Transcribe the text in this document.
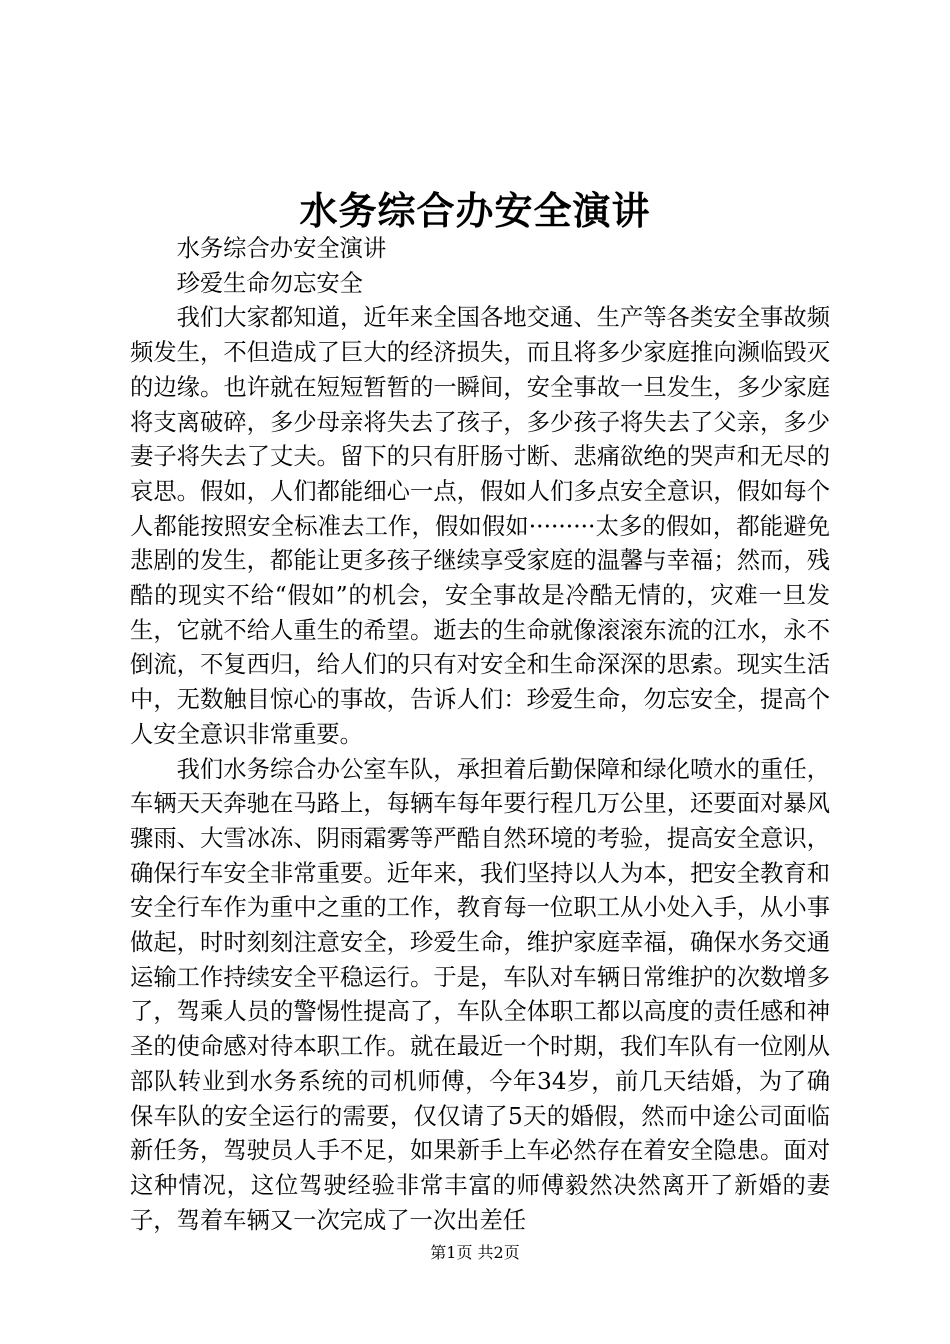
水务综合办安全演讲

水务综合办安全演讲

珍爱生命勿忘安全

我们大家都知道，近年来全国各地交通、生产等各类安全事故频频发生，不但造成了巨大的经济损失，而且将多少家庭推向濒临毁灭的边缘。也许就在短短暂暂的一瞬间，安全事故一旦发生，多少家庭将支离破碎，多少母亲将失去了孩子，多少孩子将失去了父亲，多少妻子将失去了丈夫。留下的只有肝肠寸断、悲痛欲绝的哭声和无尽的哀思。假如，人们都能细心一点，假如人们多点安全意识，假如每个人都能按照安全标准去工作，假如假如·········太多的假如，都能避免悲剧的发生，都能让更多孩子继续享受家庭的温馨与幸福；然而，残酷的现实不给“假如”的机会，安全事故是冷酷无情的，灾难一旦发生，它就不给人重生的希望。逝去的生命就像滚滚东流的江水，永不倒流，不复西归，给人们的只有对安全和生命深深的思索。现实生活中，无数触目惊心的事故，告诉人们：珍爱生命，勿忘安全，提高个人安全意识非常重要。

我们水务综合办公室车队，承担着后勤保障和绿化喷水的重任，车辆天天奔驰在马路上，每辆车每年要行程几万公里，还要面对暴风骤雨、大雪冰冻、阴雨霜雾等严酷自然环境的考验，提高安全意识，确保行车安全非常重要。近年来，我们坚持以人为本，把安全教育和安全行车作为重中之重的工作，教育每一位职工从小处入手，从小事做起，时时刻刻注意安全，珍爱生命，维护家庭幸福，确保水务交通运输工作持续安全平稳运行。于是，车队对车辆日常维护的次数增多了，驾乘人员的警惕性提高了，车队全体职工都以高度的责任感和神圣的使命感对待本职工作。就在最近一个时期，我们车队有一位刚从部队转业到水务系统的司机师傅，今年34岁，前几天结婚，为了确保车队的安全运行的需要，仅仅请了5天的婚假，然而中途公司面临新任务，驾驶员人手不足，如果新手上车必然存在着安全隐患。面对这种情况，这位驾驶经验非常丰富的师傅毅然决然离开了新婚的妻子，驾着车辆又一次完成了一次出差任

第1页 共2页
